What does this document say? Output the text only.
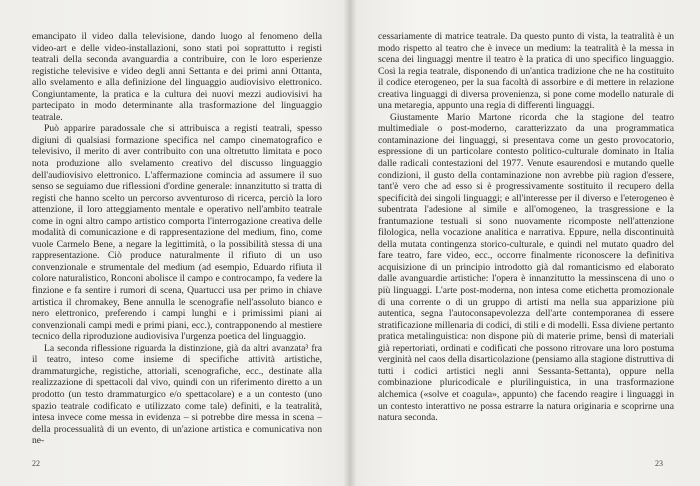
emancipato il video dalla televisione, dando luogo al fenomeno della video-art e delle video-installazioni, sono stati poi soprattutto i registi teatrali della seconda avanguardia a contribuire, con le loro esperienze registiche televisive e video degli anni Settanta e dei primi anni Ottanta, allo svelamento e alla definizione del linguaggio audiovisivo elettronico. Congiuntamente, la pratica e la cultura dei nuovi mezzi audiovisivi ha partecipato in modo determinante alla trasformazione del linguaggio teatrale.

Può apparire paradossale che si attribuisca a registi teatrali, spesso digiuni di qualsiasi formazione specifica nel campo cinematografico e televisivo, il merito di aver contribuito con una oltretutto limitata e poco nota produzione allo svelamento creativo del discusso linguaggio dell'audiovisivo elettronico. L'affermazione comincia ad assumere il suo senso se seguiamo due riflessioni d'ordine generale: innanzitutto si tratta di registi che hanno scelto un percorso avventuroso di ricerca, perciò la loro attenzione, il loro atteggiamento mentale e operativo nell'ambito teatrale come in ogni altro campo artistico comporta l'interrogazione creativa delle modalità di comunicazione e di rappresentazione del medium, fino, come vuole Carmelo Bene, a negare la legittimità, o la possibilità stessa di una rappresentazione. Ciò produce naturalmente il rifiuto di un uso convenzionale e strumentale del medium (ad esempio, Eduardo rifiuta il colore naturalistico, Ronconi abolisce il campo e controcampo, fa vedere la finzione e fa sentire i rumori di scena, Quartucci usa per primo in chiave artistica il chromakey, Bene annulla le scenografie nell'assoluto bianco e nero elettronico, preferendo i campi lunghi e i primissimi piani ai convenzionali campi medi e primi piani, ecc.), contrapponendo al mestiere tecnico della riproduzione audiovisiva l'urgenza poetica del linguaggio.

La seconda riflessione riguarda la distinzione, già da altri avanzata³ fra il teatro, inteso come insieme di specifiche attività artistiche, drammaturgiche, registiche, attoriali, scenografiche, ecc., destinate alla realizzazione di spettacoli dal vivo, quindi con un riferimento diretto a un prodotto (un testo drammaturgico e/o spettacolare) e a un contesto (uno spazio teatrale codificato e utilizzato come tale) definiti, e la teatralità, intesa invece come messa in evidenza – si potrebbe dire messa in scena – della processualità di un evento, di un'azione artistica e comunicativa non ne-

22

cessariamente di matrice teatrale. Da questo punto di vista, la teatralità è un modo rispetto al teatro che è invece un medium: la teatralità è la messa in scena dei linguaggi mentre il teatro è la pratica di uno specifico linguaggio. Così la regia teatrale, disponendo di un'antica tradizione che ne ha costituito il codice eterogeneo, per la sua facoltà di assorbire e di mettere in relazione creativa linguaggi di diversa provenienza, si pone come modello naturale di una metaregia, appunto una regia di differenti linguaggi.

Giustamente Mario Martone ricorda che la stagione del teatro multimediale o post-moderno, caratterizzato da una programmatica contaminazione dei linguaggi, si presentava come un gesto provocatorio, espressione di un particolare contesto politico-culturale dominato in Italia dalle radicali contestazioni del 1977. Venute esaurendosi e mutando quelle condizioni, il gusto della contaminazione non avrebbe più ragion d'essere, tant'è vero che ad esso si è progressivamente sostituito il recupero della specificità dei singoli linguaggi; e all'interesse per il diverso e l'eterogeneo è subentrata l'adesione al simile e all'omogeneo, la trasgressione e la frantumazione testuali si sono nuovamente ricomposte nell'attenzione filologica, nella vocazione analitica e narrativa. Eppure, nella discontinuità della mutata contingenza storico-culturale, e quindi nel mutato quadro del fare teatro, fare video, ecc., occorre finalmente riconoscere la definitiva acquisizione di un principio introdotto già dal romanticismo ed elaborato dalle avanguardie artistiche: l'opera è innanzitutto la messinscena di uno o più linguaggi. L'arte post-moderna, non intesa come etichetta promozionale di una corrente o di un gruppo di artisti ma nella sua apparizione più autentica, segna l'autoconsapevolezza dell'arte contemporanea di essere stratificazione millenaria di codici, di stili e di modelli. Essa diviene pertanto pratica metalinguistica: non dispone più di materie prime, bensì di materiali già repertoriati, ordinati e codificati che possono ritrovare una loro postuma verginità nel caos della disarticolazione (pensiamo alla stagione distruttiva di tutti i codici artistici negli anni Sessanta-Settanta), oppure nella combinazione pluricodicale e plurilinguistica, in una trasformazione alchemica («solve et coagula», appunto) che facendo reagire i linguaggi in un contesto interattivo ne possa estrarre la natura originaria e scoprirne una natura seconda.

23
